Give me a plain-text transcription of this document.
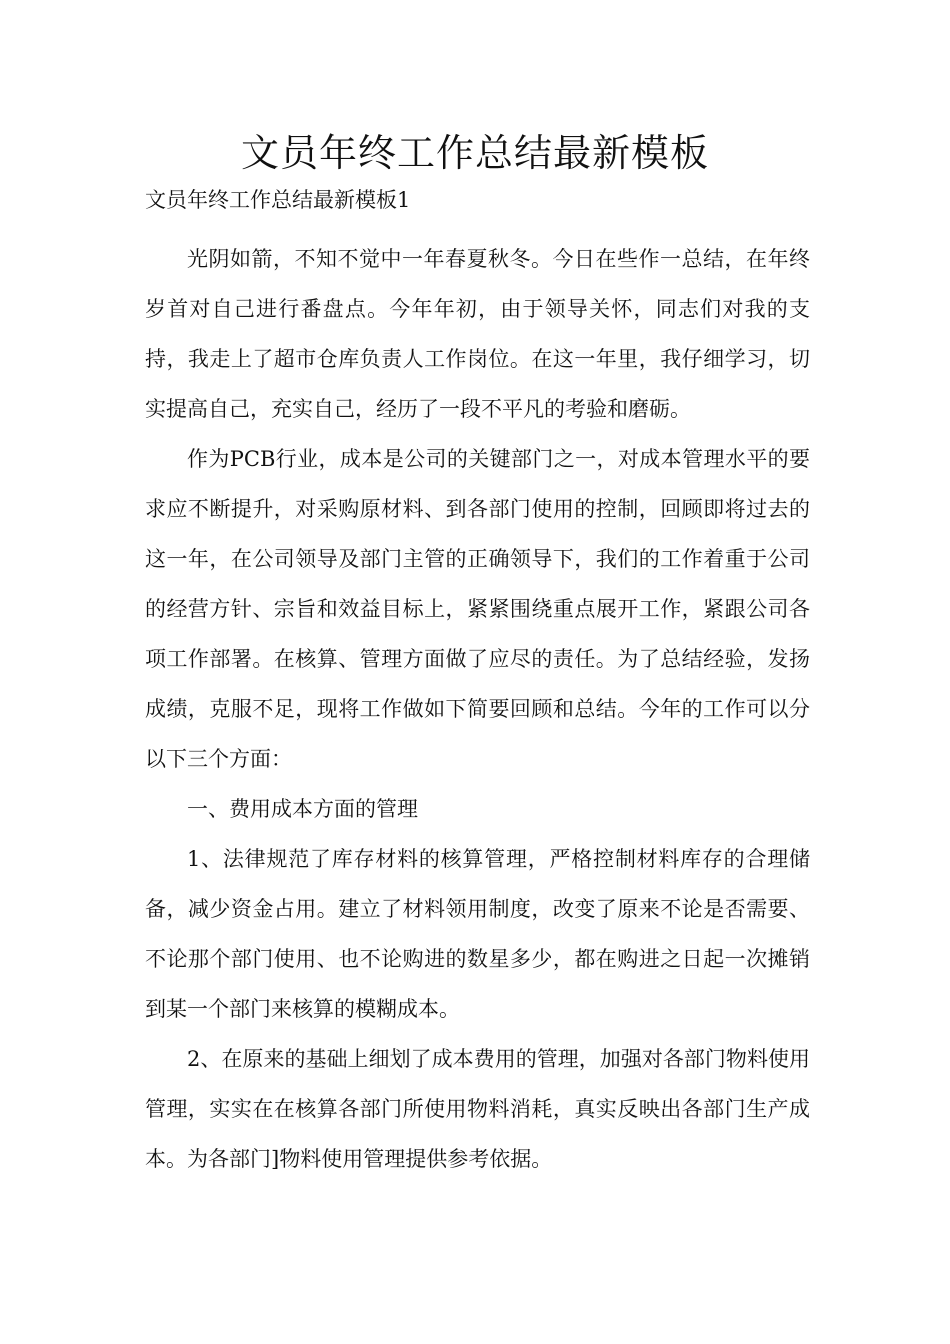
文员年终工作总结最新模板

文员年终工作总结最新模板1

光阴如箭，不知不觉中一年春夏秋冬。今日在些作一总结，在年终岁首对自己进行番盘点。今年年初，由于领导关怀，同志们对我的支持，我走上了超市仓库负责人工作岗位。在这一年里，我仔细学习，切实提高自己，充实自己，经历了一段不平凡的考验和磨砺。

作为PCB行业，成本是公司的关键部门之一，对成本管理水平的要求应不断提升，对采购原材料、到各部门使用的控制，回顾即将过去的这一年，在公司领导及部门主管的正确领导下，我们的工作着重于公司的经营方针、宗旨和效益目标上，紧紧围绕重点展开工作，紧跟公司各项工作部署。在核算、管理方面做了应尽的责任。为了总结经验，发扬成绩，克服不足，现将工作做如下简要回顾和总结。今年的工作可以分以下三个方面：

一、费用成本方面的管理

1、法律规范了库存材料的核算管理，严格控制材料库存的合理储备，减少资金占用。建立了材料领用制度，改变了原来不论是否需要、不论那个部门使用、也不论购进的数星多少，都在购进之日起一次摊销到某一个部门来核算的模糊成本。

2、在原来的基础上细划了成本费用的管理，加强对各部门物料使用管理，实实在在核算各部门所使用物料消耗，真实反映出各部门生产成本。为各部门]物料使用管理提供参考依据。
